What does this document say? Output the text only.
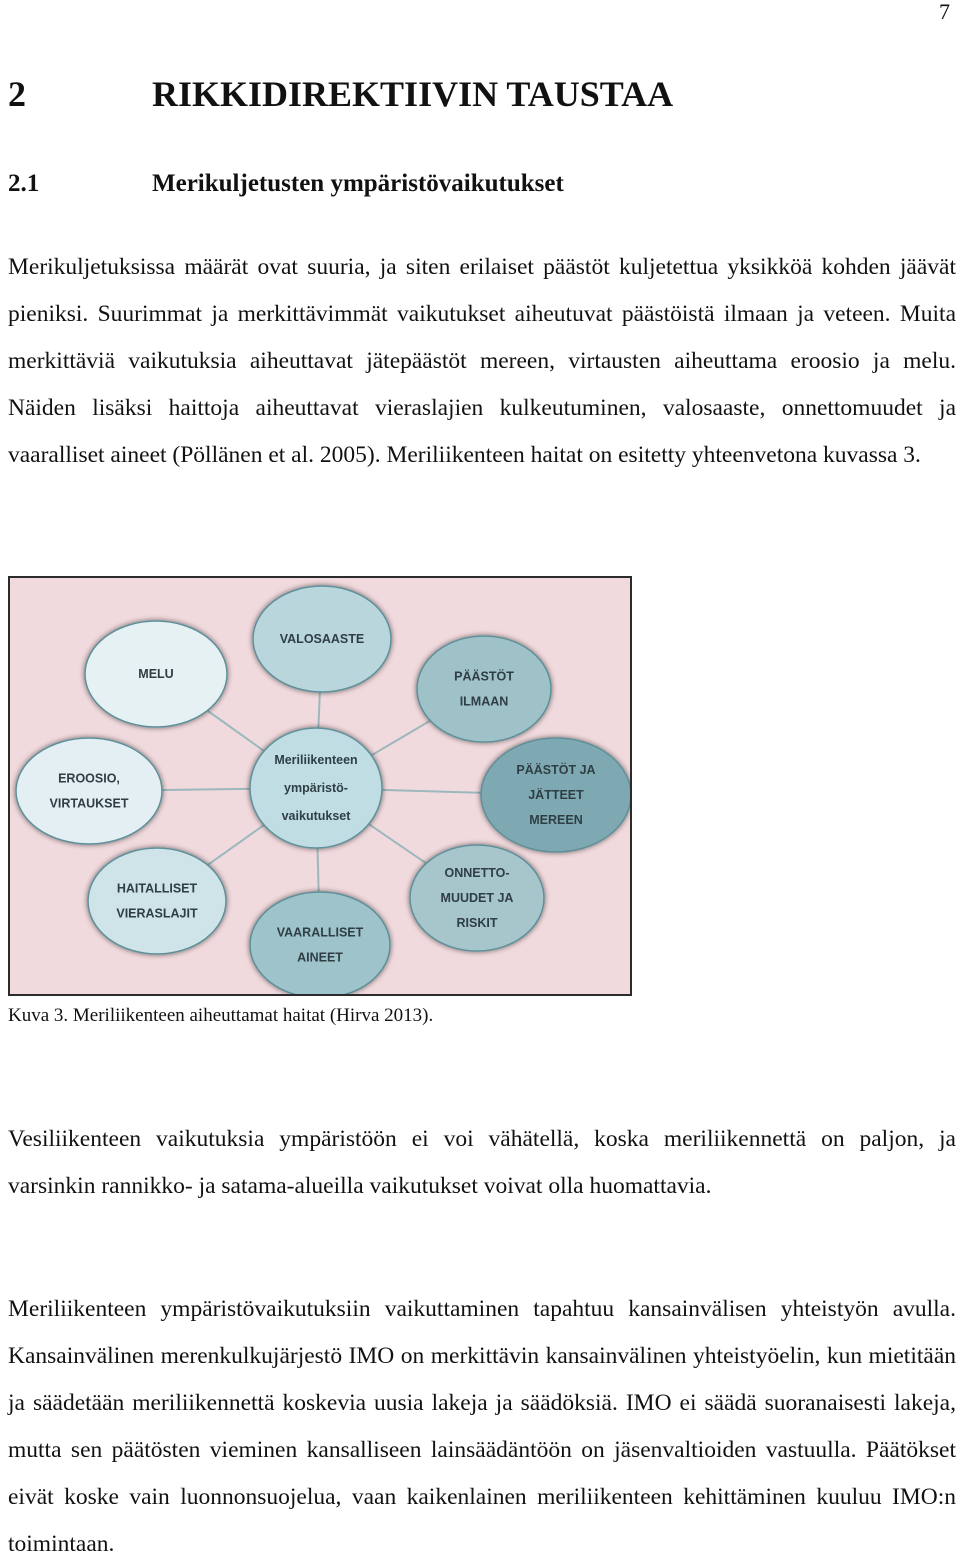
7
2	RIKKIDIREKTIIVIN TAUSTAA
2.1	Merikuljetusten ympäristövaikutukset

Merikuljetuksissa määrät ovat suuria, ja siten erilaiset päästöt kuljetettua yksikköä kohden jäävät pieniksi. Suurimmat ja merkittävimmät vaikutukset aiheutuvat päästöistä ilmaan ja veteen. Muita merkittäviä vaikutuksia aiheuttavat jätepäästöt mereen, virtausten aiheuttama eroosio ja melu. Näiden lisäksi haittoja aiheuttavat vieraslajien kulkeutuminen, valosaaste, onnettomuudet ja vaaralliset aineet (Pöllänen et al. 2005). Meriliikenteen haitat on esitetty yhteenvetona kuvassa 3.

VALOSAASTE
PÄÄSTÖT
ILMAAN
PÄÄSTÖT JA
JÄTTEET
MEREEN
ONNETTO-
MUUDET JA
RISKIT
VAARALLISET
AINEET
HAITALLISET
VIERASLAJIT
EROOSIO,
VIRTAUKSET
MELU
Meriliikenteen
ympäristö-
vaikutukset
Kuva 3. Meriliikenteen aiheuttamat haitat (Hirva 2013).

Vesiliikenteen vaikutuksia ympäristöön ei voi vähätellä, koska meriliikennettä on paljon, ja varsinkin rannikko- ja satama-alueilla vaikutukset voivat olla huomattavia.

Meriliikenteen ympäristövaikutuksiin vaikuttaminen tapahtuu kansainvälisen yhteistyön avulla. Kansainvälinen merenkulkujärjestö IMO on merkittävin kansainvälinen yhteistyöelin, kun mietitään ja säädetään meriliikennettä koskevia uusia lakeja ja säädöksiä. IMO ei säädä suoranaisesti lakeja, mutta sen päätösten vieminen kansalliseen lainsäädäntöön on jäsenvaltioiden vastuulla. Päätökset eivät koske vain luonnonsuojelua, vaan kaikenlainen meriliikenteen kehittäminen kuuluu IMO:n toimintaan.
